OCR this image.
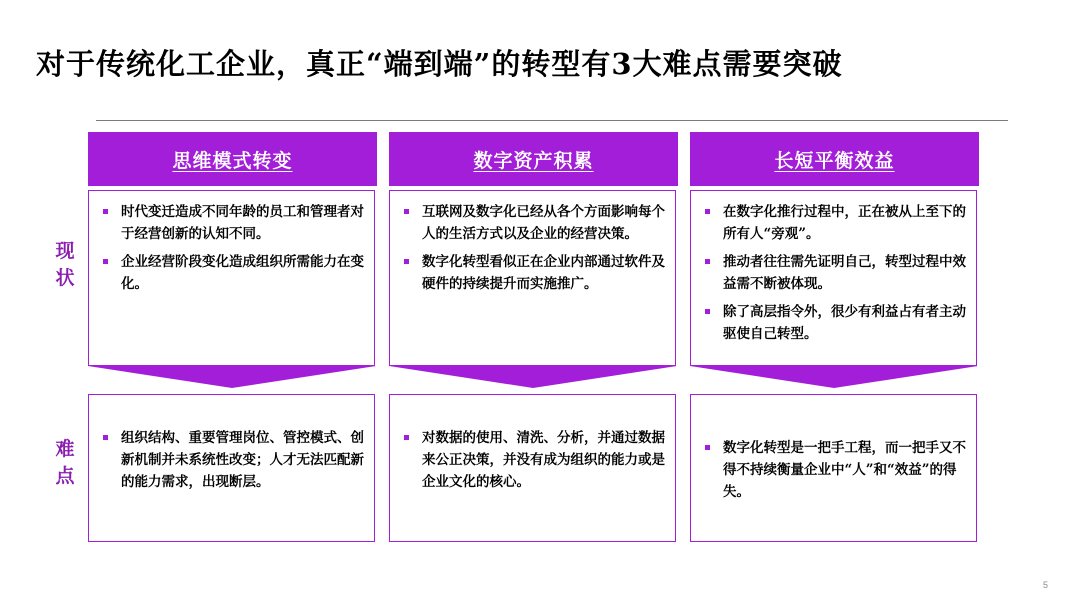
对于传统化工企业，真正“端到端”的转型有3大难点需要突破
现状
难点
思维模式转变
时代变迁造成不同年龄的员工和管理者对于经营创新的认知不同。
企业经营阶段变化造成组织所需能力在变化。
组织结构、重要管理岗位、管控模式、创新机制并未系统性改变；人才无法匹配新的能力需求，出现断层。
数字资产积累
互联网及数字化已经从各个方面影响每个人的生活方式以及企业的经营决策。
数字化转型看似正在企业内部通过软件及硬件的持续提升而实施推广。
对数据的使用、清洗、分析，并通过数据来公正决策，并没有成为组织的能力或是企业文化的核心。
长短平衡效益
在数字化推行过程中，正在被从上至下的所有人“旁观”。
推动者往往需先证明自己，转型过程中效益需不断被体现。
除了高层指令外，很少有利益占有者主动驱使自己转型。
数字化转型是一把手工程，而一把手又不得不持续衡量企业中“人”和“效益”的得失。
5
